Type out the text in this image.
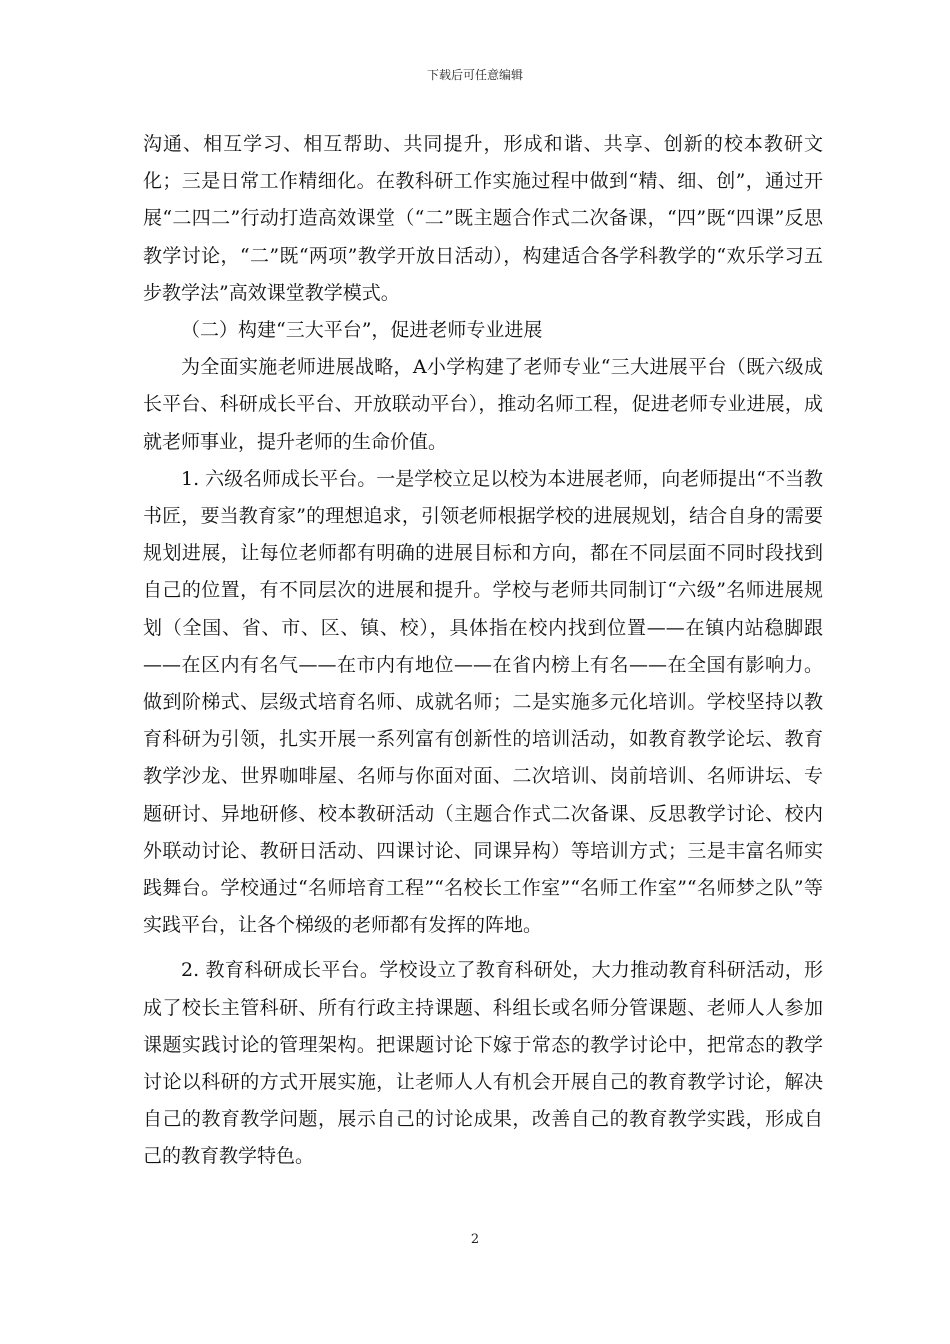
下载后可任意编辑

沟通、相互学习、相互帮助、共同提升，形成和谐、共享、创新的校本教研文化；三是日常工作精细化。在教科研工作实施过程中做到“精、细、创”，通过开展“二四二”行动打造高效课堂（“二”既主题合作式二次备课，“四”既“四课”反思教学讨论，“二”既“两项”教学开放日活动），构建适合各学科教学的“欢乐学习五步教学法”高效课堂教学模式。

（二）构建“三大平台”，促进老师专业进展

为全面实施老师进展战略，A小学构建了老师专业“三大进展平台（既六级成长平台、科研成长平台、开放联动平台），推动名师工程，促进老师专业进展，成就老师事业，提升老师的生命价值。

1. 六级名师成长平台。一是学校立足以校为本进展老师，向老师提出“不当教书匠，要当教育家”的理想追求，引领老师根据学校的进展规划，结合自身的需要规划进展，让每位老师都有明确的进展目标和方向，都在不同层面不同时段找到自己的位置，有不同层次的进展和提升。学校与老师共同制订“六级”名师进展规划（全国、省、市、区、镇、校），具体指在校内找到位置——在镇内站稳脚跟——在区内有名气——在市内有地位——在省内榜上有名——在全国有影响力。做到阶梯式、层级式培育名师、成就名师；二是实施多元化培训。学校坚持以教育科研为引领，扎实开展一系列富有创新性的培训活动，如教育教学论坛、教育教学沙龙、世界咖啡屋、名师与你面对面、二次培训、岗前培训、名师讲坛、专题研讨、异地研修、校本教研活动（主题合作式二次备课、反思教学讨论、校内外联动讨论、教研日活动、四课讨论、同课异构）等培训方式；三是丰富名师实践舞台。学校通过“名师培育工程”“名校长工作室”“名师工作室”“名师梦之队”等实践平台，让各个梯级的老师都有发挥的阵地。

2. 教育科研成长平台。学校设立了教育科研处，大力推动教育科研活动，形成了校长主管科研、所有行政主持课题、科组长或名师分管课题、老师人人参加课题实践讨论的管理架构。把课题讨论下嫁于常态的教学讨论中，把常态的教学讨论以科研的方式开展实施，让老师人人有机会开展自己的教育教学讨论，解决自己的教育教学问题，展示自己的讨论成果，改善自己的教育教学实践，形成自己的教育教学特色。

2
